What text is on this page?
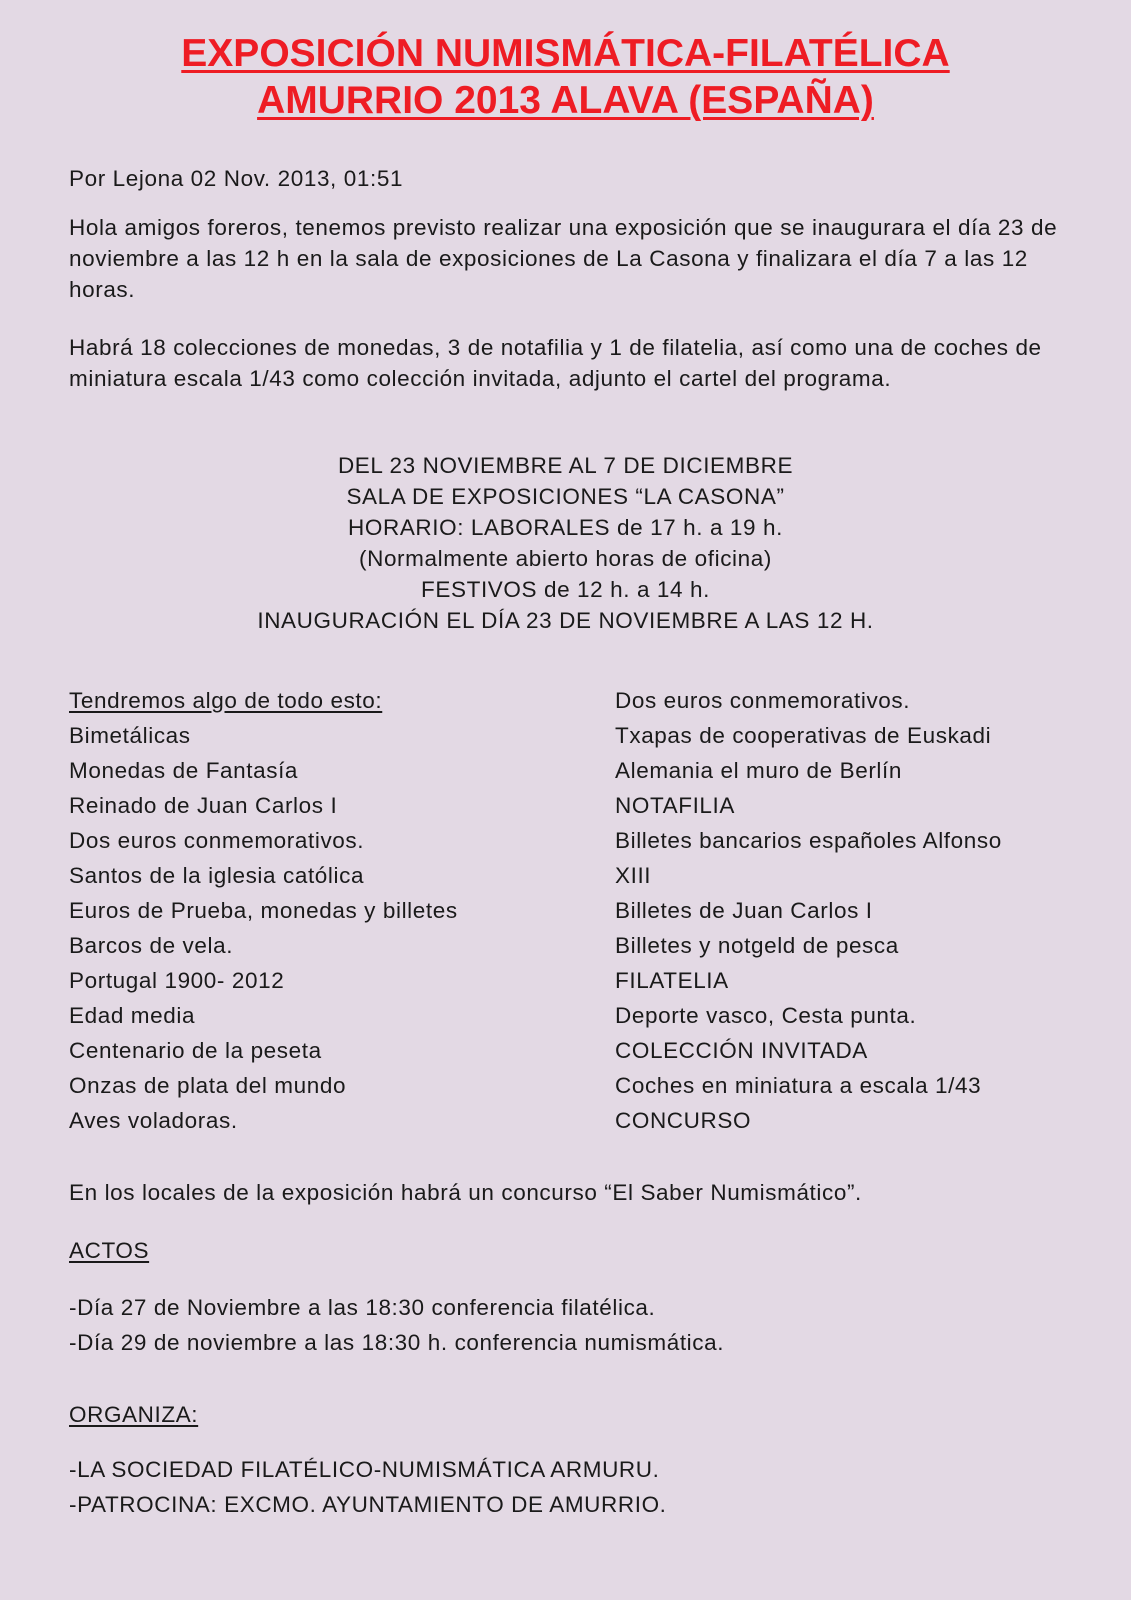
EXPOSICIÓN NUMISMÁTICA-FILATÉLICA
AMURRIO 2013 ALAVA (ESPAÑA)

Por Lejona 02 Nov. 2013, 01:51

Hola amigos foreros, tenemos previsto realizar una exposición que se inaugurara el día 23 de noviembre a las 12 h en la sala de exposiciones de La Casona y finalizara el día 7 a las 12 horas.

Habrá 18 colecciones de monedas, 3 de notafilia y 1 de filatelia, así como una de coches de miniatura escala 1/43 como colección invitada, adjunto el cartel del programa.

DEL 23 NOVIEMBRE AL 7 DE DICIEMBRE
SALA DE EXPOSICIONES “LA CASONA”
HORARIO: LABORALES de 17 h. a 19 h.
(Normalmente abierto horas de oficina)
FESTIVOS de 12 h. a 14 h.
INAUGURACIÓN EL DÍA 23 DE NOVIEMBRE A LAS 12 H.
Tendremos algo de todo esto:
Bimetálicas
Monedas de Fantasía
Reinado de Juan Carlos I
Dos euros conmemorativos.
Santos de la iglesia católica
Euros de Prueba, monedas y billetes
Barcos de vela.
Portugal 1900- 2012
Edad media
Centenario de la peseta
Onzas de plata del mundo
Aves voladoras.
Dos euros conmemorativos.
Txapas de cooperativas de Euskadi
Alemania el muro de Berlín
NOTAFILIA
Billetes bancarios españoles Alfonso
XIII
Billetes de Juan Carlos I
Billetes y notgeld de pesca
FILATELIA
Deporte vasco, Cesta punta.
COLECCIÓN INVITADA
Coches en miniatura a escala 1/43
CONCURSO

En los locales de la exposición habrá un concurso “El Saber Numismático”.

ACTOS

-Día 27 de Noviembre a las 18:30 conferencia filatélica.
-Día 29 de noviembre a las 18:30 h. conferencia numismática.

ORGANIZA:

-LA SOCIEDAD FILATÉLICO-NUMISMÁTICA ARMURU.
-PATROCINA: EXCMO. AYUNTAMIENTO DE AMURRIO.
